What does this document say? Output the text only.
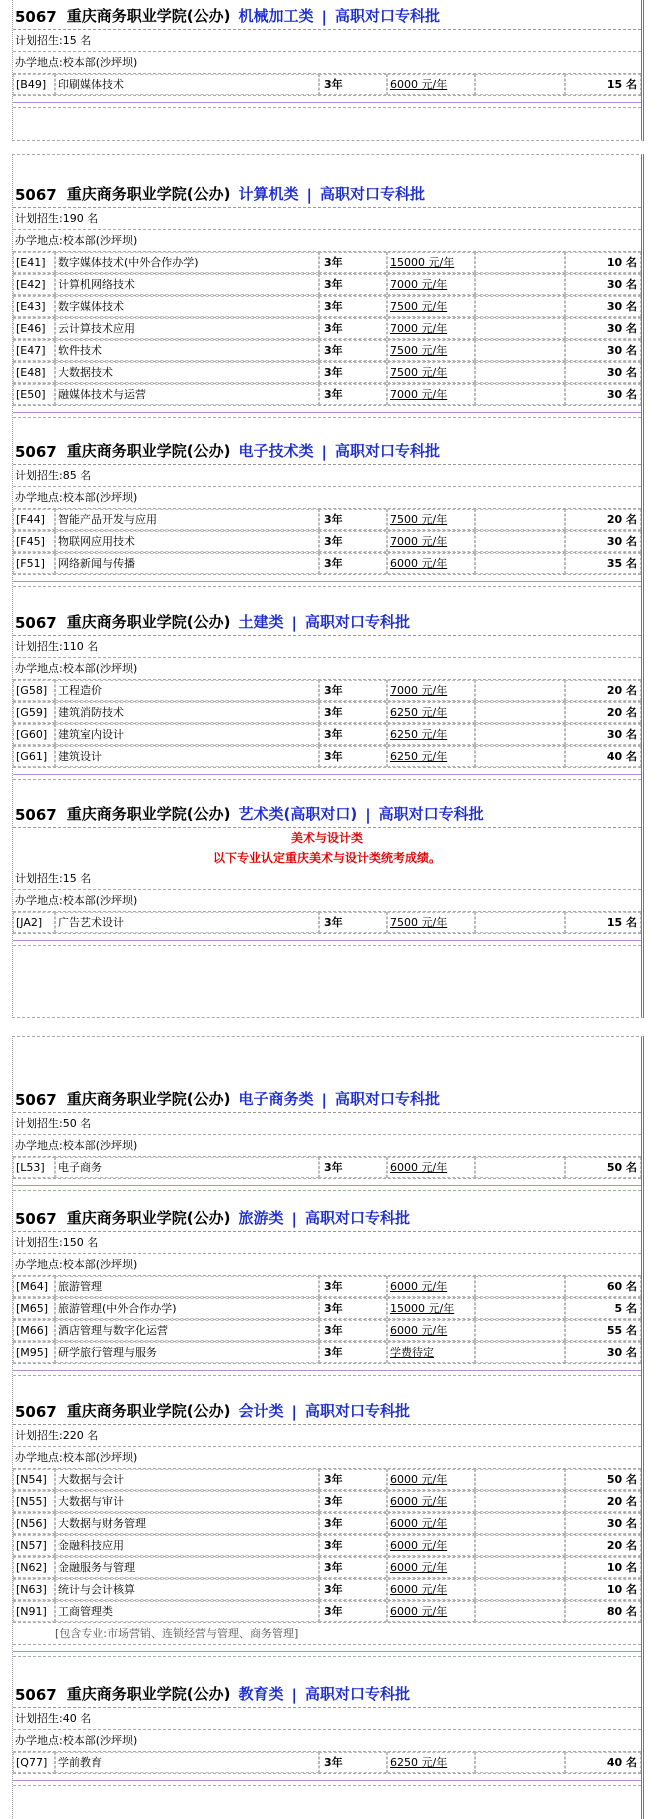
5067 重庆商务职业学院(公办) 机械加工类 | 高职对口专科批
计划招生:15 名
办学地点:校本部(沙坪坝)
[B49]	印刷媒体技术	3年	6000 元/年	15 名
5067 重庆商务职业学院(公办) 计算机类 | 高职对口专科批
计划招生:190 名
办学地点:校本部(沙坪坝)
[E41]	数字媒体技术(中外合作办学)	3年	15000 元/年	10 名
[E42]	计算机网络技术	3年	7000 元/年	30 名
[E43]	数字媒体技术	3年	7500 元/年	30 名
[E46]	云计算技术应用	3年	7000 元/年	30 名
[E47]	软件技术	3年	7500 元/年	30 名
[E48]	大数据技术	3年	7500 元/年	30 名
[E50]	融媒体技术与运营	3年	7000 元/年	30 名
5067 重庆商务职业学院(公办) 电子技术类 | 高职对口专科批
计划招生:85 名
办学地点:校本部(沙坪坝)
[F44]	智能产品开发与应用	3年	7500 元/年	20 名
[F45]	物联网应用技术	3年	7000 元/年	30 名
[F51]	网络新闻与传播	3年	6000 元/年	35 名
5067 重庆商务职业学院(公办) 土建类 | 高职对口专科批
计划招生:110 名
办学地点:校本部(沙坪坝)
[G58] 工程造价	3年	7000 元/年	20 名
[G59] 建筑消防技术	3年	6250 元/年	20 名
[G60] 建筑室内设计	3年	6250 元/年	30 名
[G61] 建筑设计	3年	6250 元/年	40 名
5067 重庆商务职业学院(公办) 艺术类(高职对口) | 高职对口专科批
美术与设计类
以下专业认定重庆美术与设计类统考成绩。
计划招生:15 名
办学地点:校本部(沙坪坝)
[JA2]	广告艺术设计	3年	7500 元/年	15 名
5067 重庆商务职业学院(公办) 电子商务类 | 高职对口专科批
计划招生:50 名
办学地点:校本部(沙坪坝)
[L53]	电子商务	3年	6000 元/年	50 名
5067 重庆商务职业学院(公办) 旅游类 | 高职对口专科批
计划招生:150 名
办学地点:校本部(沙坪坝)
[M64] 旅游管理	3年	6000 元/年	60 名
[M65] 旅游管理(中外合作办学)	3年	15000 元/年	5 名
[M66] 酒店管理与数字化运营	3年	6000 元/年	55 名
[M95] 研学旅行管理与服务	3年	学费待定	30 名
5067 重庆商务职业学院(公办) 会计类 | 高职对口专科批
计划招生:220 名
办学地点:校本部(沙坪坝)
[N54]	大数据与会计	3年	6000 元/年	50 名
[N55]	大数据与审计	3年	6000 元/年	20 名
[N56]	大数据与财务管理	3年	6000 元/年	30 名
[N57]	金融科技应用	3年	6000 元/年	20 名
[N62]	金融服务与管理	3年	6000 元/年	10 名
[N63]	统计与会计核算	3年	6000 元/年	10 名
[N91]	工商管理类	3年	6000 元/年	80 名
[包含专业:市场营销、连锁经营与管理、商务管理]
5067 重庆商务职业学院(公办) 教育类 | 高职对口专科批
计划招生:40 名
办学地点:校本部(沙坪坝)
[Q77] 学前教育	3年	6250 元/年	40 名
